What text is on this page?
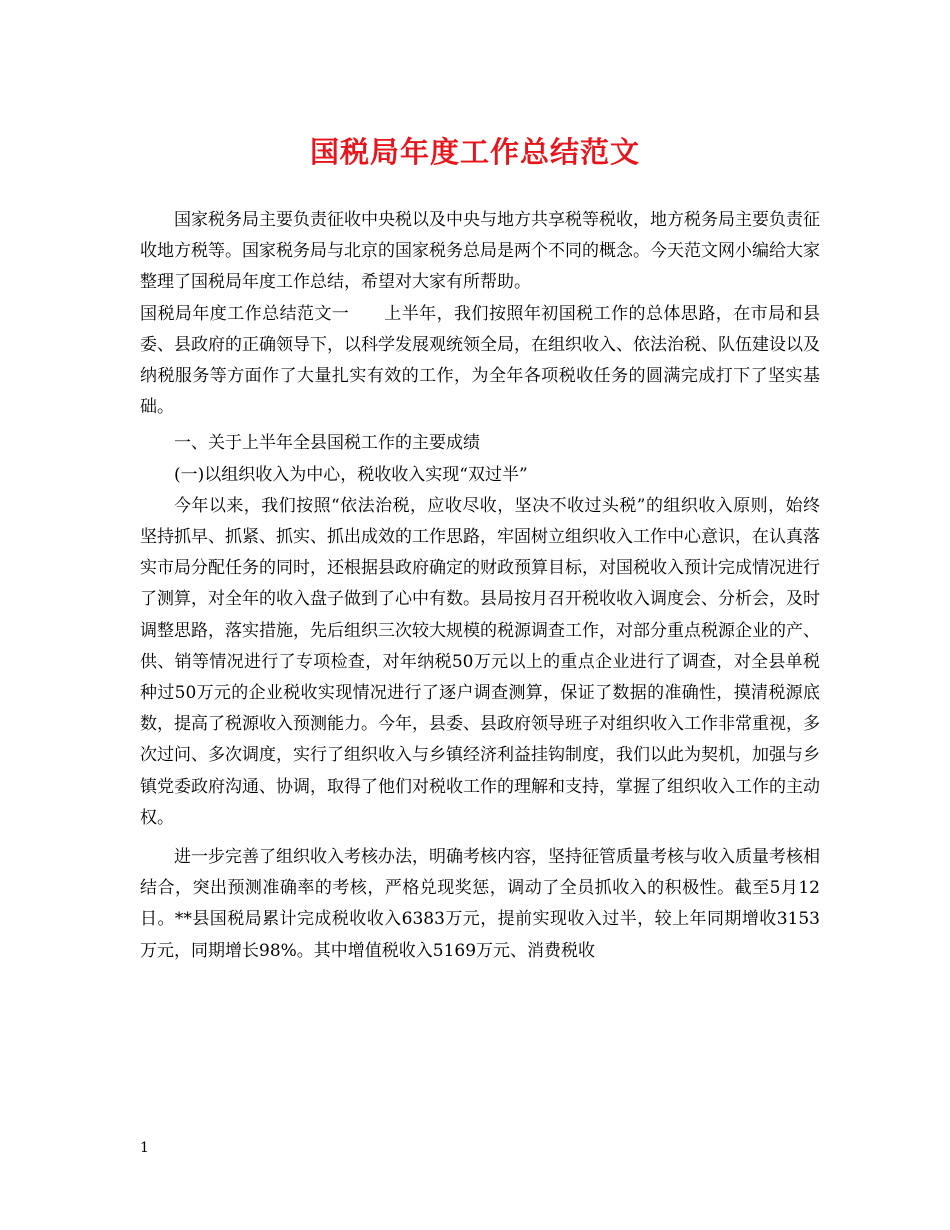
国税局年度工作总结范文

国家税务局主要负责征收中央税以及中央与地方共享税等税收，地方税务局主要负责征收地方税等。国家税务局与北京的国家税务总局是两个不同的概念。今天范文网小编给大家整理了国税局年度工作总结，希望对大家有所帮助。

国税局年度工作总结范文一　　上半年，我们按照年初国税工作的总体思路，在市局和县委、县政府的正确领导下，以科学发展观统领全局，在组织收入、依法治税、队伍建设以及纳税服务等方面作了大量扎实有效的工作，为全年各项税收任务的圆满完成打下了坚实基础。

一、关于上半年全县国税工作的主要成绩

(一)以组织收入为中心，税收收入实现“双过半”

今年以来，我们按照“依法治税，应收尽收，坚决不收过头税”的组织收入原则，始终坚持抓早、抓紧、抓实、抓出成效的工作思路，牢固树立组织收入工作中心意识，在认真落实市局分配任务的同时，还根据县政府确定的财政预算目标，对国税收入预计完成情况进行了测算，对全年的收入盘子做到了心中有数。县局按月召开税收收入调度会、分析会，及时调整思路，落实措施，先后组织三次较大规模的税源调查工作，对部分重点税源企业的产、供、销等情况进行了专项检查，对年纳税50万元以上的重点企业进行了调查，对全县单税种过50万元的企业税收实现情况进行了逐户调查测算，保证了数据的准确性，摸清税源底数，提高了税源收入预测能力。今年，县委、县政府领导班子对组织收入工作非常重视，多次过问、多次调度，实行了组织收入与乡镇经济利益挂钩制度，我们以此为契机，加强与乡镇党委政府沟通、协调，取得了他们对税收工作的理解和支持，掌握了组织收入工作的主动权。

进一步完善了组织收入考核办法，明确考核内容，坚持征管质量考核与收入质量考核相结合，突出预测准确率的考核，严格兑现奖惩，调动了全员抓收入的积极性。截至5月12日。**县国税局累计完成税收收入6383万元，提前实现收入过半，较上年同期增收3153万元，同期增长98%。其中增值税收入5169万元、消费税收

1
